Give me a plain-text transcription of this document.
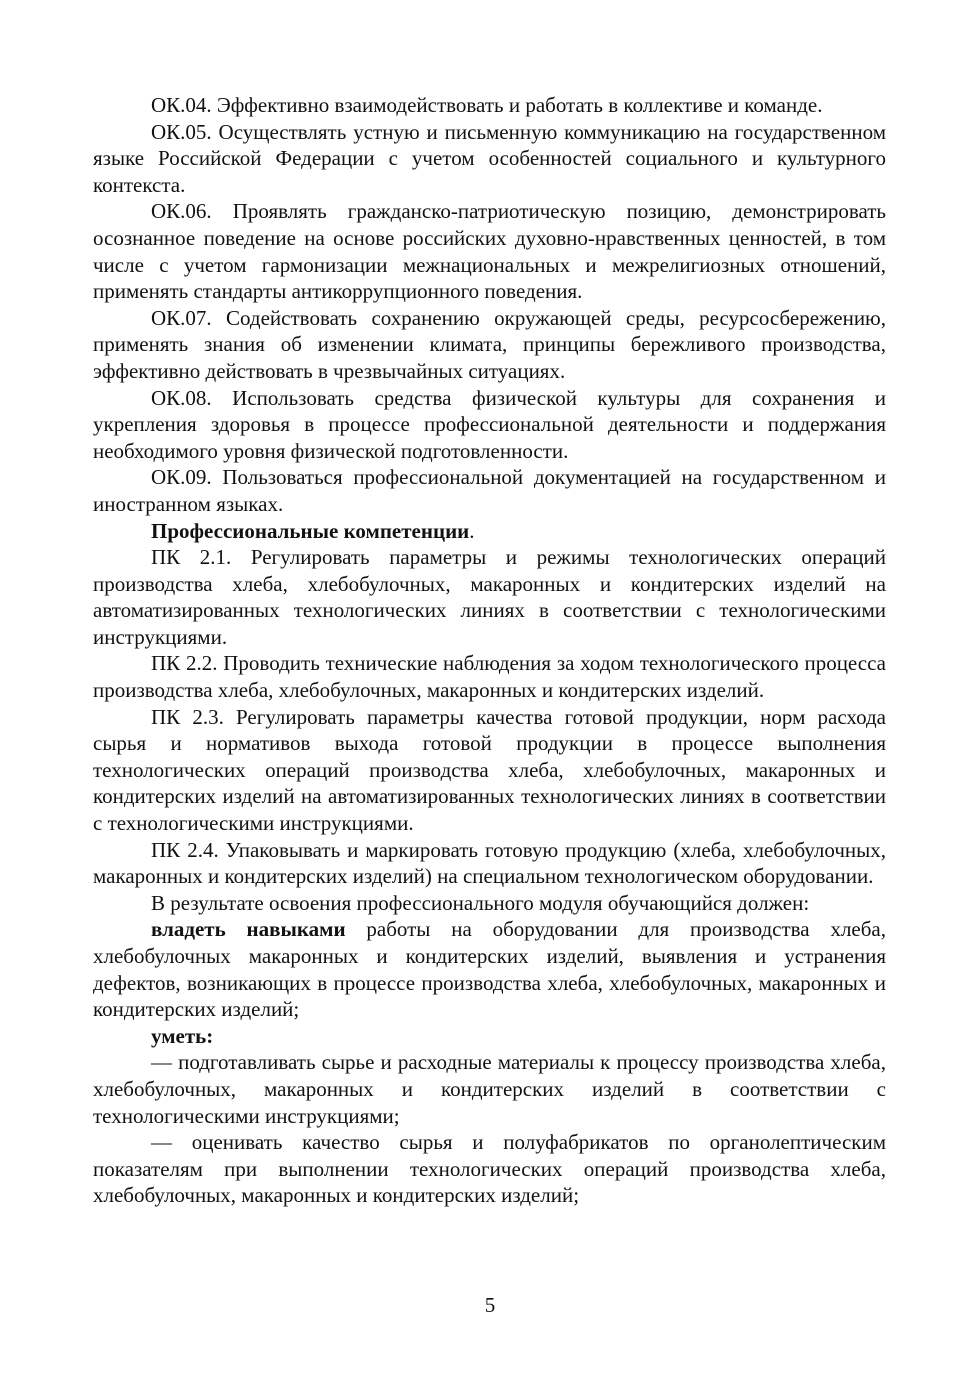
ОК.04. Эффективно взаимодействовать и работать в коллективе и команде.

ОК.05. Осуществлять устную и письменную коммуникацию на государственном языке Российской Федерации с учетом особенностей социального и культурного контекста.

ОК.06. Проявлять гражданско-патриотическую позицию, демонстрировать осознанное поведение на основе российских духовно-нравственных ценностей, в том числе с учетом гармонизации межнациональных и межрелигиозных отношений, применять стандарты антикоррупционного поведения.

ОК.07. Содействовать сохранению окружающей среды, ресурсосбережению, применять знания об изменении климата, принципы бережливого производства, эффективно действовать в чрезвычайных ситуациях.

ОК.08. Использовать средства физической культуры для сохранения и укрепления здоровья в процессе профессиональной деятельности и поддержания необходимого уровня физической подготовленности.

ОК.09. Пользоваться профессиональной документацией на государственном и иностранном языках.

Профессиональные компетенции.

ПК 2.1. Регулировать параметры и режимы технологических операций производства хлеба, хлебобулочных, макаронных и кондитерских изделий на автоматизированных технологических линиях в соответствии с технологическими инструкциями.

ПК 2.2. Проводить технические наблюдения за ходом технологического процесса производства хлеба, хлебобулочных, макаронных и кондитерских изделий.

ПК 2.3. Регулировать параметры качества готовой продукции, норм расхода сырья и нормативов выхода готовой продукции в процессе выполнения технологических операций производства хлеба, хлебобулочных, макаронных и кондитерских изделий на автоматизированных технологических линиях в соответствии с технологическими инструкциями.

ПК 2.4. Упаковывать и маркировать готовую продукцию (хлеба, хлебобулочных, макаронных и кондитерских изделий) на специальном технологическом оборудовании.

В результате освоения профессионального модуля обучающийся должен:

владеть навыками работы на оборудовании для производства хлеба, хлебобулочных макаронных и кондитерских изделий, выявления и устранения дефектов, возникающих в процессе производства хлеба, хлебобулочных, макаронных и кондитерских изделий;

уметь:

— подготавливать сырье и расходные материалы к процессу производства хлеба, хлебобулочных, макаронных и кондитерских изделий в соответствии с технологическими инструкциями;

— оценивать качество сырья и полуфабрикатов по органолептическим показателям при выполнении технологических операций производства хлеба, хлебобулочных, макаронных и кондитерских изделий;

5
